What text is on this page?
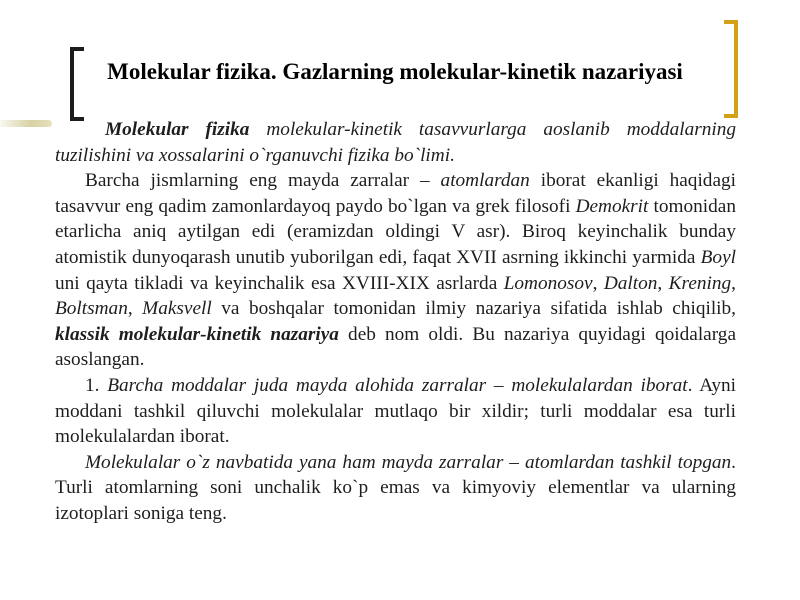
Molekular fizika. Gazlarning molekular-kinetik nazariyasi

Molekular fizika molekular-kinetik tasavvurlarga aoslanib moddalarning tuzilishini va xossalarini o`rganuvchi fizika bo`limi.

Barcha jismlarning eng mayda zarralar – atomlardan iborat ekanligi haqidagi tasavvur eng qadim zamonlardayoq paydo bo`lgan va grek filosofi Demokrit tomonidan etarlicha aniq aytilgan edi (eramizdan oldingi V asr). Biroq keyinchalik bunday atomistik dunyoqarash unutib yuborilgan edi, faqat XVII asrning ikkinchi yarmida Boyl uni qayta tikladi va keyinchalik esa XVIII-XIX asrlarda Lomonosov, Dalton, Krening, Boltsman, Maksvell va boshqalar tomonidan ilmiy nazariya sifatida ishlab chiqilib, klassik molekular-kinetik nazariya deb nom oldi. Bu nazariya quyidagi qoidalarga asoslangan.

1. Barcha moddalar juda mayda alohida zarralar – molekulalardan iborat. Ayni moddani tashkil qiluvchi molekulalar mutlaqo bir xildir; turli moddalar esa turli molekulalardan iborat.

Molekulalar o`z navbatida yana ham mayda zarralar – atomlardan tashkil topgan. Turli atomlarning soni unchalik ko`p emas va kimyoviy elementlar va ularning izotoplari soniga teng.
